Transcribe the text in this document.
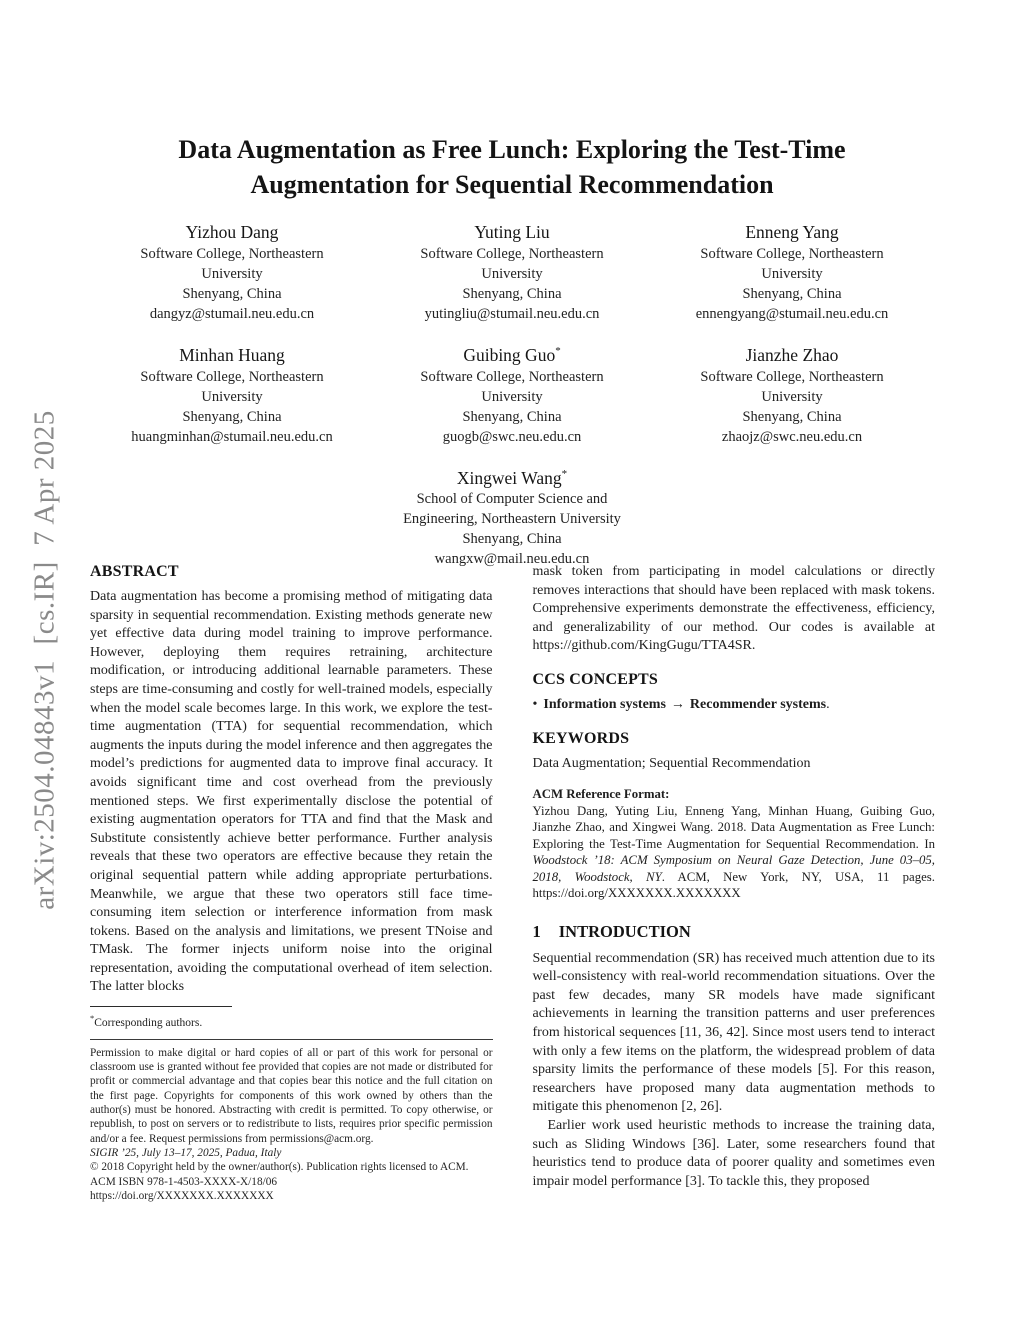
arXiv:2504.04843v1  [cs.IR]  7 Apr 2025
Data Augmentation as Free Lunch: Exploring the Test-Time Augmentation for Sequential Recommendation
Yizhou Dang
Software College, Northeastern
University
Shenyang, China
dangyz@stumail.neu.edu.cn
Yuting Liu
Software College, Northeastern
University
Shenyang, China
yutingliu@stumail.neu.edu.cn
Enneng Yang
Software College, Northeastern
University
Shenyang, China
ennengyang@stumail.neu.edu.cn
Minhan Huang
Software College, Northeastern
University
Shenyang, China
huangminhan@stumail.neu.edu.cn
Guibing Guo*
Software College, Northeastern
University
Shenyang, China
guogb@swc.neu.edu.cn
Jianzhe Zhao
Software College, Northeastern
University
Shenyang, China
zhaojz@swc.neu.edu.cn
Xingwei Wang*
School of Computer Science and
Engineering, Northeastern University
Shenyang, China
wangxw@mail.neu.edu.cn
ABSTRACT

Data augmentation has become a promising method of mitigating data sparsity in sequential recommendation. Existing methods generate new yet effective data during model training to improve performance. However, deploying them requires retraining, architecture modification, or introducing additional learnable parameters. These steps are time-consuming and costly for well-trained models, especially when the model scale becomes large. In this work, we explore the test-time augmentation (TTA) for sequential recommendation, which augments the inputs during the model inference and then aggregates the model’s predictions for augmented data to improve final accuracy. It avoids significant time and cost overhead from the previously mentioned steps. We first experimentally disclose the potential of existing augmentation operators for TTA and find that the Mask and Substitute consistently achieve better performance. Further analysis reveals that these two operators are effective because they retain the original sequential pattern while adding appropriate perturbations. Meanwhile, we argue that these two operators still face time-consuming item selection or interference information from mask tokens. Based on the analysis and limitations, we present TNoise and TMask. The former injects uniform noise into the original representation, avoiding the computational overhead of item selection. The latter blocks

*Corresponding authors.

Permission to make digital or hard copies of all or part of this work for personal or classroom use is granted without fee provided that copies are not made or distributed for profit or commercial advantage and that copies bear this notice and the full citation on the first page. Copyrights for components of this work owned by others than the author(s) must be honored. Abstracting with credit is permitted. To copy otherwise, or republish, to post on servers or to redistribute to lists, requires prior specific permission and/or a fee. Request permissions from permissions@acm.org.

SIGIR ’25, July 13–17, 2025, Padua, Italy

© 2018 Copyright held by the owner/author(s). Publication rights licensed to ACM.

ACM ISBN 978-1-4503-XXXX-X/18/06

https://doi.org/XXXXXXX.XXXXXXX

mask token from participating in model calculations or directly removes interactions that should have been replaced with mask tokens. Comprehensive experiments demonstrate the effectiveness, efficiency, and generalizability of our method. Our codes is available at https://github.com/KingGugu/TTA4SR.

CCS CONCEPTS

• Information systems → Recommender systems.

KEYWORDS

Data Augmentation; Sequential Recommendation

ACM Reference Format:

Yizhou Dang, Yuting Liu, Enneng Yang, Minhan Huang, Guibing Guo, Jianzhe Zhao, and Xingwei Wang. 2018. Data Augmentation as Free Lunch: Exploring the Test-Time Augmentation for Sequential Recommendation. In Woodstock ’18: ACM Symposium on Neural Gaze Detection, June 03–05, 2018, Woodstock, NY. ACM, New York, NY, USA, 11 pages. https://doi.org/XXXXXXX.XXXXXXX

1 INTRODUCTION

Sequential recommendation (SR) has received much attention due to its well-consistency with real-world recommendation situations. Over the past few decades, many SR models have made significant achievements in learning the transition patterns and user preferences from historical sequences [11, 36, 42]. Since most users tend to interact with only a few items on the platform, the widespread problem of data sparsity limits the performance of these models [5]. For this reason, researchers have proposed many data augmentation methods to mitigate this phenomenon [2, 26].

Earlier work used heuristic methods to increase the training data, such as Sliding Windows [36]. Later, some researchers found that heuristics tend to produce data of poorer quality and sometimes even impair model performance [3]. To tackle this, they proposed
